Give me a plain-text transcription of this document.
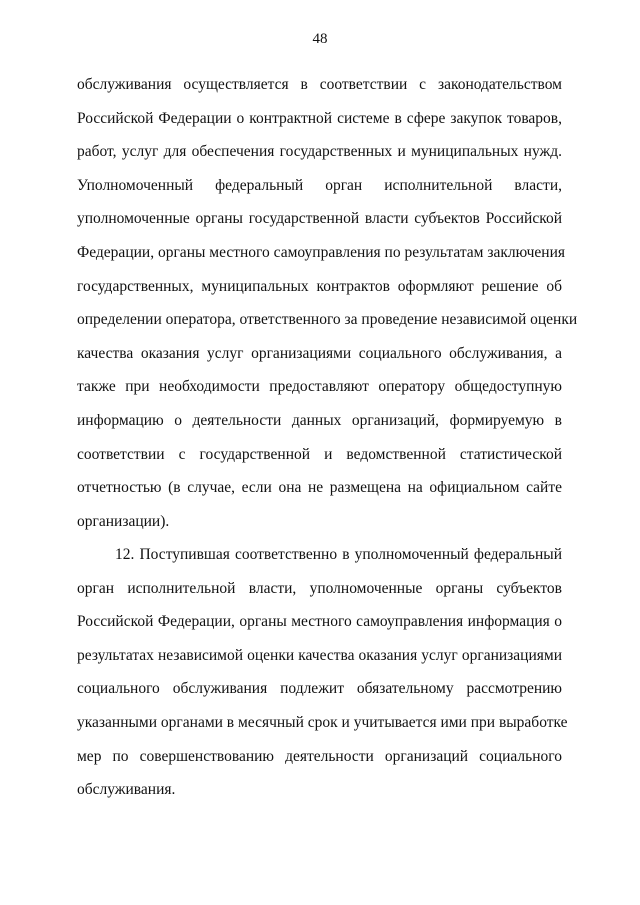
48
обслуживания осуществляется в соответствии с законодательством
Российской Федерации о контрактной системе в сфере закупок товаров,
работ, услуг для обеспечения государственных и муниципальных нужд.
Уполномоченный федеральный орган исполнительной власти,
уполномоченные органы государственной власти субъектов Российской
Федерации, органы местного самоуправления по результатам заключения
государственных, муниципальных контрактов оформляют решение об
определении оператора, ответственного за проведение независимой оценки
качества оказания услуг организациями социального обслуживания, а
также при необходимости предоставляют оператору общедоступную
информацию о деятельности данных организаций, формируемую в
соответствии с государственной и ведомственной статистической
отчетностью (в случае, если она не размещена на официальном сайте
организации).
12. Поступившая соответственно в уполномоченный федеральный
орган исполнительной власти, уполномоченные органы субъектов
Российской Федерации, органы местного самоуправления информация о
результатах независимой оценки качества оказания услуг организациями
социального обслуживания подлежит обязательному рассмотрению
указанными органами в месячный срок и учитывается ими при выработке
мер по совершенствованию деятельности организаций социального
обслуживания.
